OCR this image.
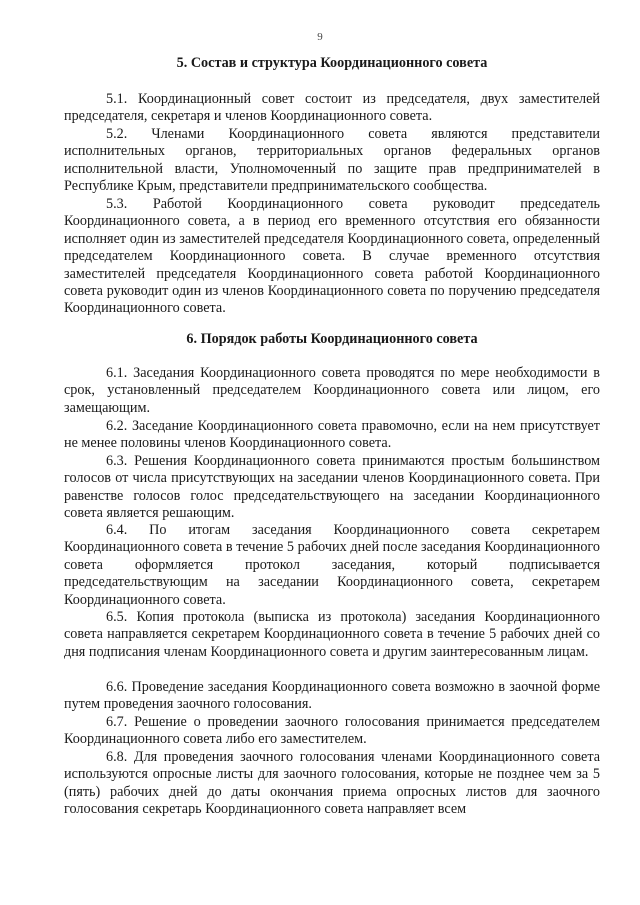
9
5. Состав и структура Координационного совета

5.1. Координационный совет состоит из председателя, двух заместителей председателя, секретаря и членов Координационного совета.

5.2. Членами Координационного совета являются представители исполнительных органов, территориальных органов федеральных органов исполнительной власти, Уполномоченный по защите прав предпринимателей в Республике Крым, представители предпринимательского сообщества.

5.3. Работой Координационного совета руководит председатель Координационного совета, а в период его временного отсутствия его обязанности исполняет один из заместителей председателя Координационного совета, определенный председателем Координационного совета. В случае временного отсутствия заместителей председателя Координационного совета работой Координационного совета руководит один из членов Координационного совета по поручению председателя Координационного совета.

6. Порядок работы Координационного совета

6.1. Заседания Координационного совета проводятся по мере необходимости в срок, установленный председателем Координационного совета или лицом, его замещающим.

6.2. Заседание Координационного совета правомочно, если на нем присутствует не менее половины членов Координационного совета.

6.3. Решения Координационного совета принимаются простым большинством голосов от числа присутствующих на заседании членов Координационного совета. При равенстве голосов голос председательствующего на заседании Координационного совета является решающим.

6.4. По итогам заседания Координационного совета секретарем Координационного совета в течение 5 рабочих дней после заседания Координационного совета оформляется протокол заседания, который подписывается председательствующим на заседании Координационного совета, секретарем Координационного совета.

6.5. Копия протокола (выписка из протокола) заседания Координационного совета направляется секретарем Координационного совета в течение 5 рабочих дней со дня подписания членам Координационного совета и другим заинтересованным лицам.

6.6. Проведение заседания Координационного совета возможно в заочной форме путем проведения заочного голосования.

6.7. Решение о проведении заочного голосования принимается председателем Координационного совета либо его заместителем.

6.8. Для проведения заочного голосования членами Координационного совета используются опросные листы для заочного голосования, которые не позднее чем за 5 (пять) рабочих дней до даты окончания приема опросных листов для заочного голосования секретарь Координационного совета направляет всем
